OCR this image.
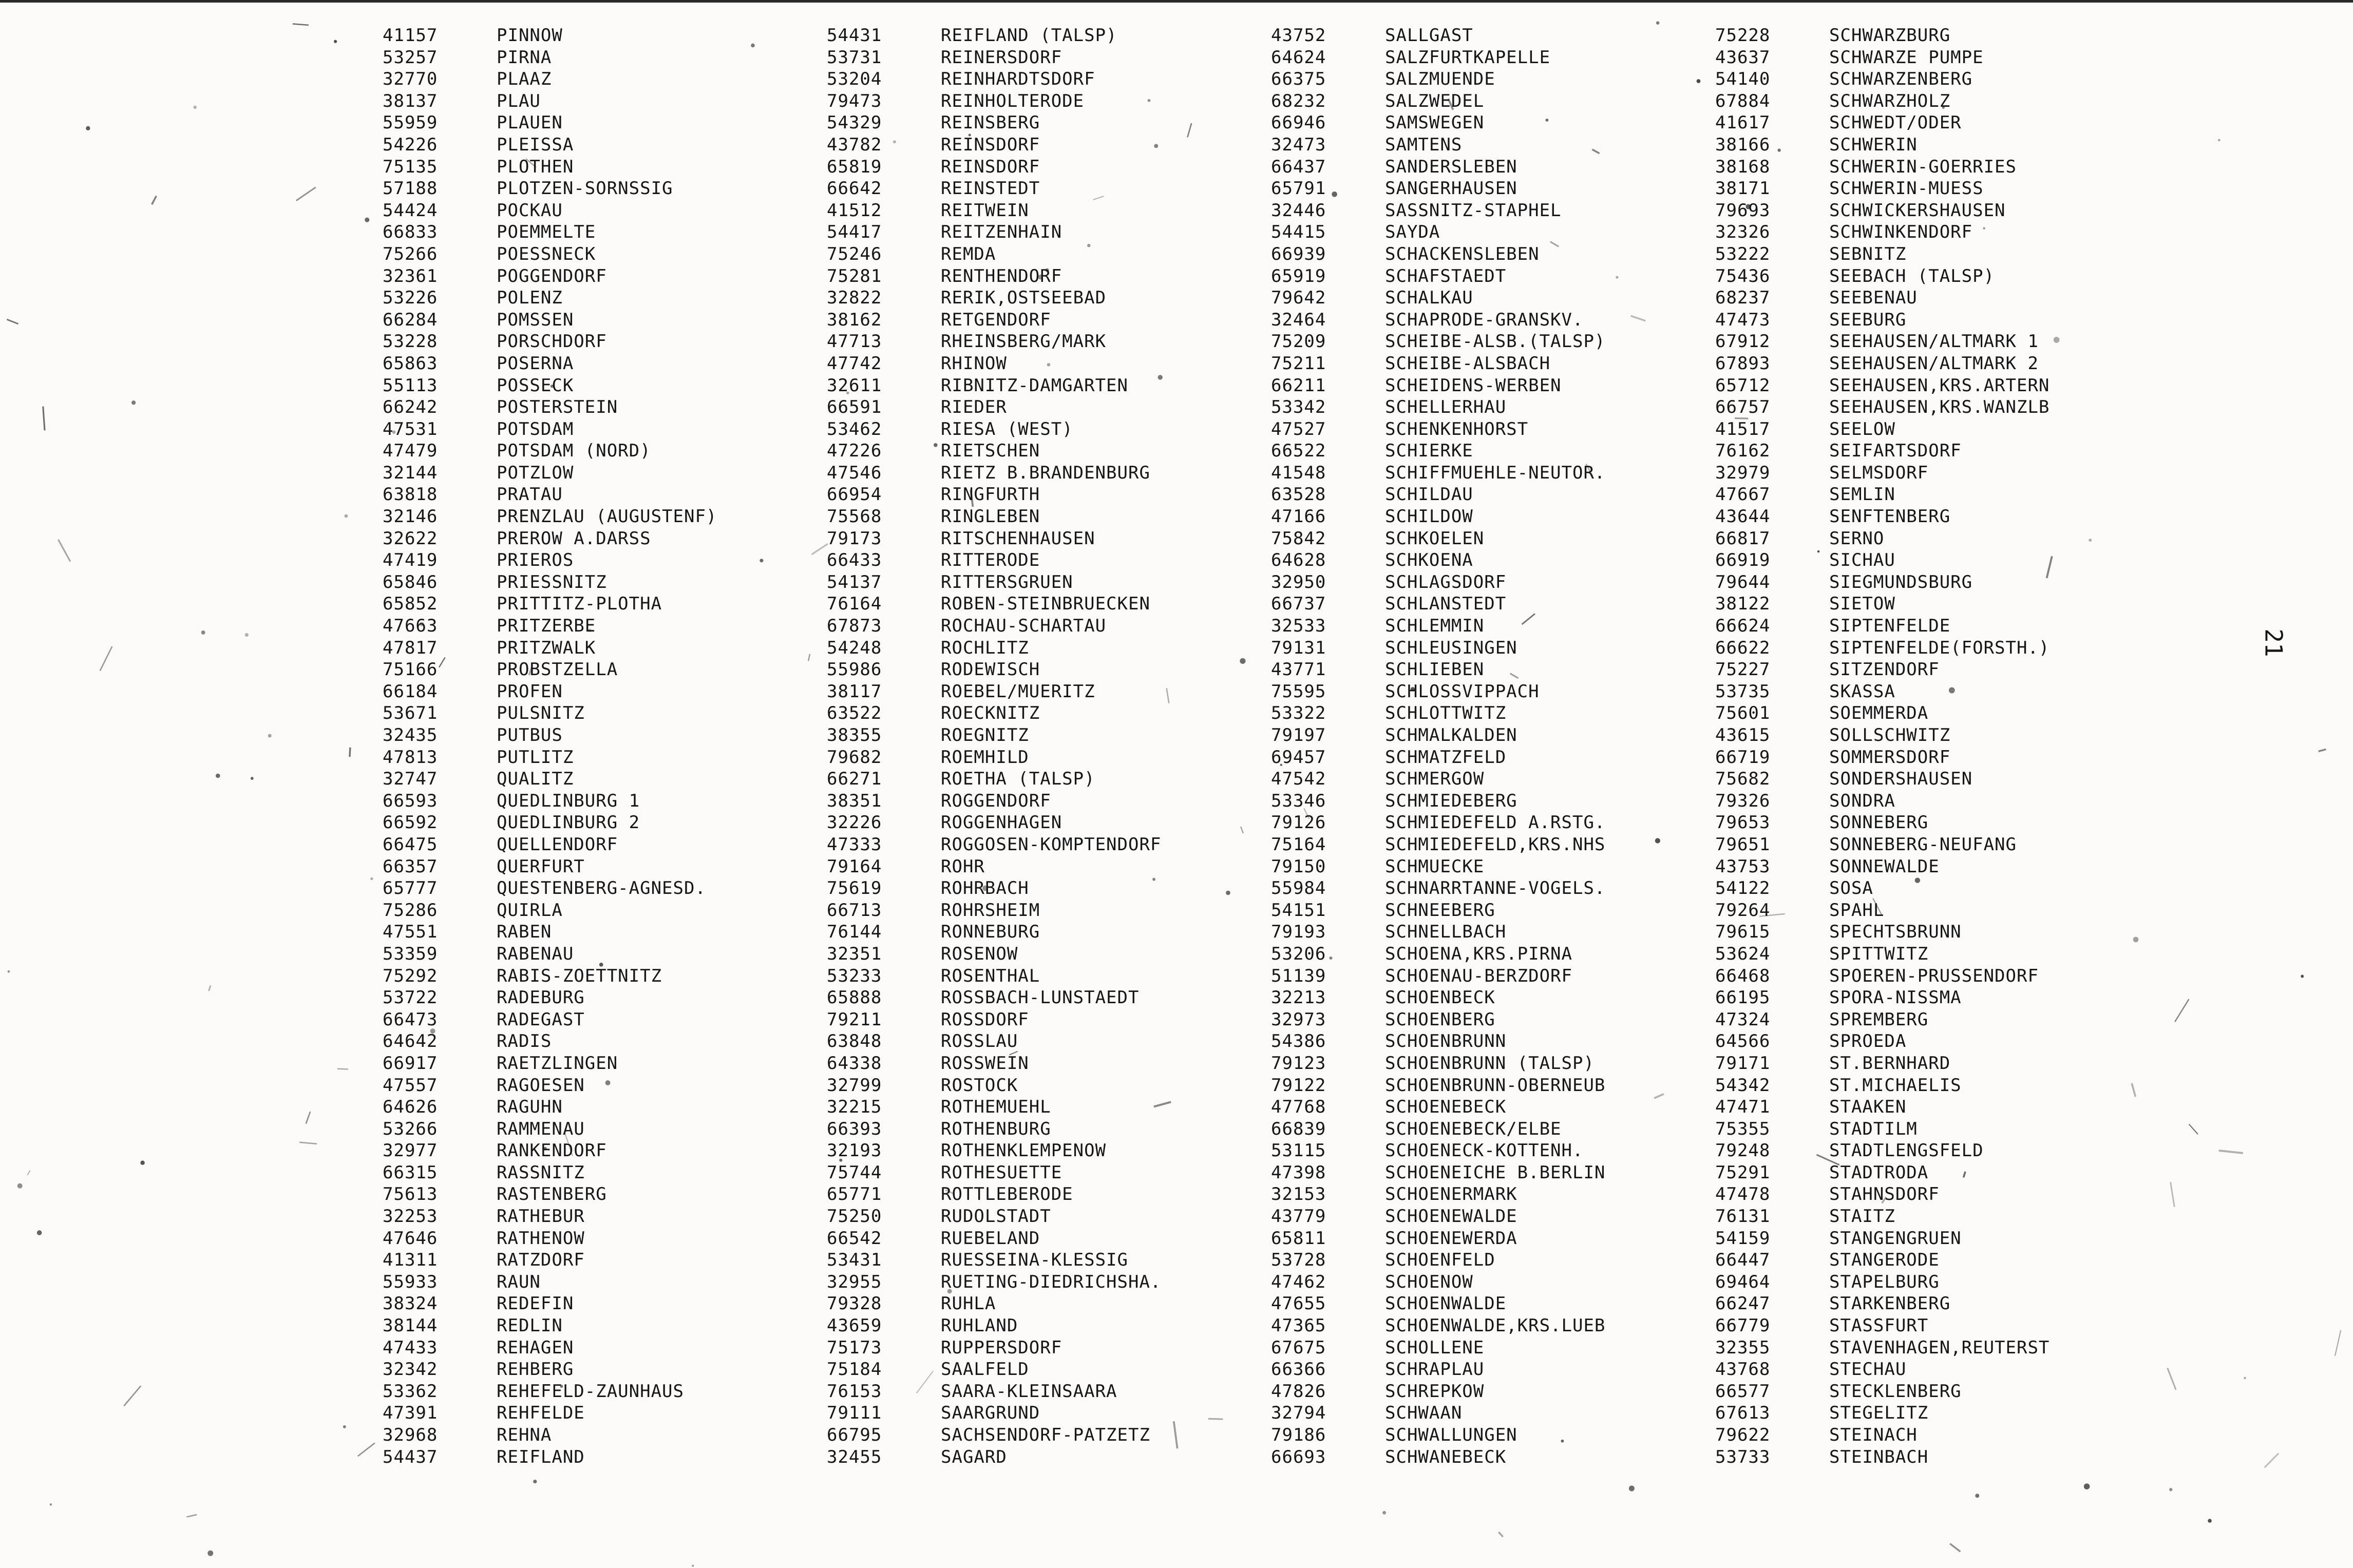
41157	PINNOW
53257	PIRNA
32770	PLAAZ
38137	PLAU
55959	PLAUEN
54226	PLEISSA
75135	PLOTHEN
57188	PLOTZEN-SORNSSIG
54424	POCKAU
66833	POEMMELTE
75266	POESSNECK
32361	POGGENDORF
53226	POLENZ
66284	POMSSEN
53228	PORSCHDORF
65863	POSERNA
55113	POSSECK
66242	POSTERSTEIN
47531	POTSDAM
47479	POTSDAM (NORD)
32144	POTZLOW
63818	PRATAU
32146	PRENZLAU (AUGUSTENF)
32622	PREROW A.DARSS
47419	PRIEROS
65846	PRIESSNITZ
65852	PRITTITZ-PLOTHA
47663	PRITZERBE
47817	PRITZWALK
75166	PROBSTZELLA
66184	PROFEN
53671	PULSNITZ
32435	PUTBUS
47813	PUTLITZ
32747	QUALITZ
66593	QUEDLINBURG 1
66592	QUEDLINBURG 2
66475	QUELLENDORF
66357	QUERFURT
65777	QUESTENBERG-AGNESD.
75286	QUIRLA
47551	RABEN
53359	RABENAU
75292	RABIS-ZOETTNITZ
53722	RADEBURG
66473	RADEGAST
64642	RADIS
66917	RAETZLINGEN
47557	RAGOESEN
64626	RAGUHN
53266	RAMMENAU
32977	RANKENDORF
66315	RASSNITZ
75613	RASTENBERG
32253	RATHEBUR
47646	RATHENOW
41311	RATZDORF
55933	RAUN
38324	REDEFIN
38144	REDLIN
47433	REHAGEN
32342	REHBERG
53362	REHEFELD-ZAUNHAUS
47391	REHFELDE
32968	REHNA
54437	REIFLAND
54431	REIFLAND (TALSP)
53731	REINERSDORF
53204	REINHARDTSDORF
79473	REINHOLTERODE
54329	REINSBERG
43782	REINSDORF
65819	REINSDORF
66642	REINSTEDT
41512	REITWEIN
54417	REITZENHAIN
75246	REMDA
75281	RENTHENDORF
32822	RERIK,OSTSEEBAD
38162	RETGENDORF
47713	RHEINSBERG/MARK
47742	RHINOW
32611	RIBNITZ-DAMGARTEN
66591	RIEDER
53462	RIESA (WEST)
47226	RIETSCHEN
47546	RIETZ B.BRANDENBURG
66954	RINGFURTH
75568	RINGLEBEN
79173	RITSCHENHAUSEN
66433	RITTERODE
54137	RITTERSGRUEN
76164	ROBEN-STEINBRUECKEN
67873	ROCHAU-SCHARTAU
54248	ROCHLITZ
55986	RODEWISCH
38117	ROEBEL/MUERITZ
63522	ROECKNITZ
38355	ROEGNITZ
79682	ROEMHILD
66271	ROETHA (TALSP)
38351	ROGGENDORF
32226	ROGGENHAGEN
47333	ROGGOSEN-KOMPTENDORF
79164	ROHR
75619	ROHRBACH
66713	ROHRSHEIM
76144	RONNEBURG
32351	ROSENOW
53233	ROSENTHAL
65888	ROSSBACH-LUNSTAEDT
79211	ROSSDORF
63848	ROSSLAU
64338	ROSSWEIN
32799	ROSTOCK
32215	ROTHEMUEHL
66393	ROTHENBURG
32193	ROTHENKLEMPENOW
75744	ROTHESUETTE
65771	ROTTLEBERODE
75250	RUDOLSTADT
66542	RUEBELAND
53431	RUESSEINA-KLESSIG
32955	RUETING-DIEDRICHSHA.
79328	RUHLA
43659	RUHLAND
75173	RUPPERSDORF
75184	SAALFELD
76153	SAARA-KLEINSAARA
79111	SAARGRUND
66795	SACHSENDORF-PATZETZ
32455	SAGARD
43752	SALLGAST
64624	SALZFURTKAPELLE
66375	SALZMUENDE
68232	SALZWEDEL
66946	SAMSWEGEN
32473	SAMTENS
66437	SANDERSLEBEN
65791	SANGERHAUSEN
32446	SASSNITZ-STAPHEL
54415	SAYDA
66939	SCHACKENSLEBEN
65919	SCHAFSTAEDT
79642	SCHALKAU
32464	SCHAPRODE-GRANSKV.
75209	SCHEIBE-ALSB.(TALSP)
75211	SCHEIBE-ALSBACH
66211	SCHEIDENS-WERBEN
53342	SCHELLERHAU
47527	SCHENKENHORST
66522	SCHIERKE
41548	SCHIFFMUEHLE-NEUTOR.
63528	SCHILDAU
47166	SCHILDOW
75842	SCHKOELEN
64628	SCHKOENA
32950	SCHLAGSDORF
66737	SCHLANSTEDT
32533	SCHLEMMIN
79131	SCHLEUSINGEN
43771	SCHLIEBEN
75595	SCHLOSSVIPPACH
53322	SCHLOTTWITZ
79197	SCHMALKALDEN
69457	SCHMATZFELD
47542	SCHMERGOW
53346	SCHMIEDEBERG
79126	SCHMIEDEFELD A.RSTG.
75164	SCHMIEDEFELD,KRS.NHS
79150	SCHMUECKE
55984	SCHNARRTANNE-VOGELS.
54151	SCHNEEBERG
79193	SCHNELLBACH
53206	SCHOENA,KRS.PIRNA
51139	SCHOENAU-BERZDORF
32213	SCHOENBECK
32973	SCHOENBERG
54386	SCHOENBRUNN
79123	SCHOENBRUNN (TALSP)
79122	SCHOENBRUNN-OBERNEUB
47768	SCHOENEBECK
66839	SCHOENEBECK/ELBE
53115	SCHOENECK-KOTTENH.
47398	SCHOENEICHE B.BERLIN
32153	SCHOENERMARK
43779	SCHOENEWALDE
65811	SCHOENEWERDA
53728	SCHOENFELD
47462	SCHOENOW
47655	SCHOENWALDE
47365	SCHOENWALDE,KRS.LUEB
67675	SCHOLLENE
66366	SCHRAPLAU
47826	SCHREPKOW
32794	SCHWAAN
79186	SCHWALLUNGEN
66693	SCHWANEBECK
75228	SCHWARZBURG
43637	SCHWARZE PUMPE
54140	SCHWARZENBERG
67884	SCHWARZHOLZ
41617	SCHWEDT/ODER
38166	SCHWERIN
38168	SCHWERIN-GOERRIES
38171	SCHWERIN-MUESS
79693	SCHWICKERSHAUSEN
32326	SCHWINKENDORF
53222	SEBNITZ
75436	SEEBACH (TALSP)
68237	SEEBENAU
47473	SEEBURG
67912	SEEHAUSEN/ALTMARK 1
67893	SEEHAUSEN/ALTMARK 2
65712	SEEHAUSEN,KRS.ARTERN
66757	SEEHAUSEN,KRS.WANZLB
41517	SEELOW
76162	SEIFARTSDORF
32979	SELMSDORF
47667	SEMLIN
43644	SENFTENBERG
66817	SERNO
66919	SICHAU
79644	SIEGMUNDSBURG
38122	SIETOW
66624	SIPTENFELDE
66622	SIPTENFELDE(FORSTH.)
75227	SITZENDORF
53735	SKASSA
75601	SOEMMERDA
43615	SOLLSCHWITZ
66719	SOMMERSDORF
75682	SONDERSHAUSEN
79326	SONDRA
79653	SONNEBERG
79651	SONNEBERG-NEUFANG
43753	SONNEWALDE
54122	SOSA
79264	SPAHL
79615	SPECHTSBRUNN
53624	SPITTWITZ
66468	SPOEREN-PRUSSENDORF
66195	SPORA-NISSMA
47324	SPREMBERG
64566	SPROEDA
79171	ST.BERNHARD
54342	ST.MICHAELIS
47471	STAAKEN
75355	STADTILM
79248	STADTLENGSFELD
75291	STADTRODA
47478	STAHNSDORF
76131	STAITZ
54159	STANGENGRUEN
66447	STANGERODE
69464	STAPELBURG
66247	STARKENBERG
66779	STASSFURT
32355	STAVENHAGEN,REUTERST
43768	STECHAU
66577	STECKLENBERG
67613	STEGELITZ
79622	STEINACH
53733	STEINBACH
21
